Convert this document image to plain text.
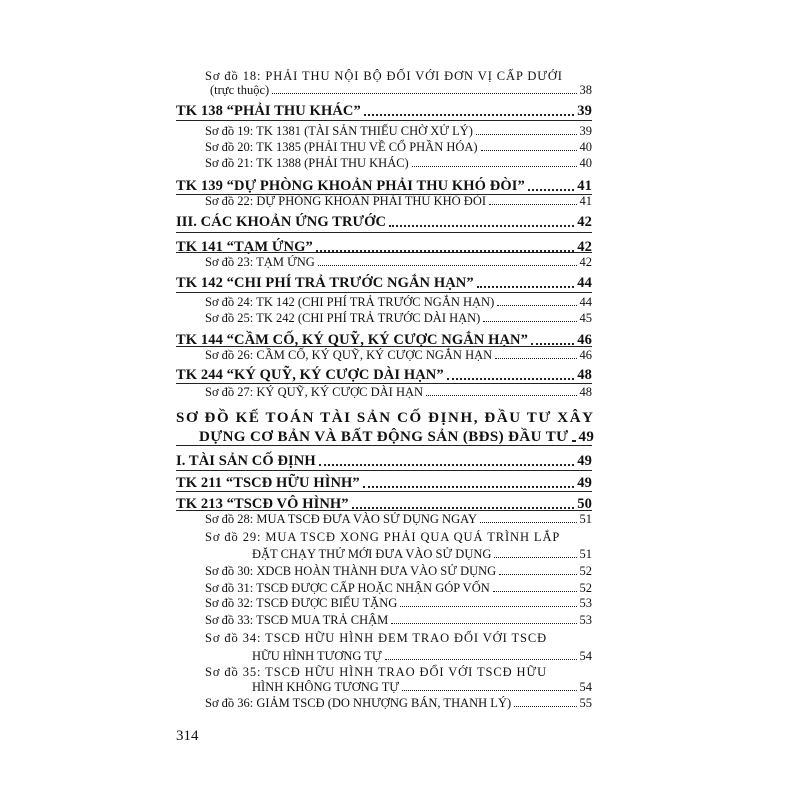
Sơ đồ 18: PHẢI THU NỘI BỘ ĐỐI VỚI ĐƠN VỊ CẤP DƯỚI
(trực thuộc)	38
TK 138 “PHẢI THU KHÁC”	39
Sơ đồ 19: TK 1381 (TÀI SẢN THIẾU CHỜ XỬ LÝ)	39
Sơ đồ 20: TK 1385 (PHẢI THU VỀ CỔ PHẦN HÓA)	40
Sơ đồ 21: TK 1388 (PHẢI THU KHÁC)	40
TK 139 “DỰ PHÒNG KHOẢN PHẢI THU KHÓ ĐÒI”	41
Sơ đồ 22: DỰ PHÒNG KHOẢN PHẢI THU KHÓ ĐÒI	41
III. CÁC KHOẢN ỨNG TRƯỚC	42
TK 141 “TẠM ỨNG”	42
Sơ đồ 23: TẠM ỨNG	42
TK 142 “CHI PHÍ TRẢ TRƯỚC NGẮN HẠN”	44
Sơ đồ 24: TK 142 (CHI PHÍ TRẢ TRƯỚC NGẮN HẠN)	44
Sơ đồ 25: TK 242 (CHI PHÍ TRẢ TRƯỚC DÀI HẠN)	45
TK 144 “CẦM CỐ, KÝ QUỸ, KÝ CƯỢC NGẮN HẠN”	46
Sơ đồ 26: CẦM CỐ, KÝ QUỸ, KÝ CƯỢC NGẮN HẠN	46
TK 244 “KÝ QUỸ, KÝ CƯỢC DÀI HẠN”	48
Sơ đồ 27: KÝ QUỸ, KÝ CƯỢC DÀI HẠN	48
SƠ ĐỒ KẾ TOÁN TÀI SẢN CỐ ĐỊNH, ĐẦU TƯ XÂY
DỰNG CƠ BẢN VÀ BẤT ĐỘNG SẢN (BĐS) ĐẦU TƯ 49
I. TÀI SẢN CỐ ĐỊNH	49
TK 211 “TSCĐ HỮU HÌNH”	49
TK 213 “TSCĐ VÔ HÌNH”	50
Sơ đồ 28: MUA TSCĐ ĐƯA VÀO SỬ DỤNG NGAY	51
Sơ đồ 29: MUA TSCĐ XONG PHẢI QUA QUÁ TRÌNH LẮP
ĐẶT CHẠY THỬ MỚI ĐƯA VÀO SỬ DỤNG	51
Sơ đồ 30: XDCB HOÀN THÀNH ĐƯA VÀO SỬ DỤNG	52
Sơ đồ 31: TSCĐ ĐƯỢC CẤP HOẶC NHẬN GÓP VỐN	52
Sơ đồ 32: TSCĐ ĐƯỢC BIẾU TẶNG	53
Sơ đồ 33: TSCĐ MUA TRẢ CHẬM	53
Sơ đồ 34: TSCĐ HỮU HÌNH ĐEM TRAO ĐỔI VỚI TSCĐ
HỮU HÌNH TƯƠNG TỰ	54
Sơ đồ 35: TSCĐ HỮU HÌNH TRAO ĐỔI VỚI TSCĐ HỮU
HÌNH KHÔNG TƯƠNG TỰ	54
Sơ đồ 36: GIẢM TSCĐ (DO NHƯỢNG BÁN, THANH LÝ)	55
314
